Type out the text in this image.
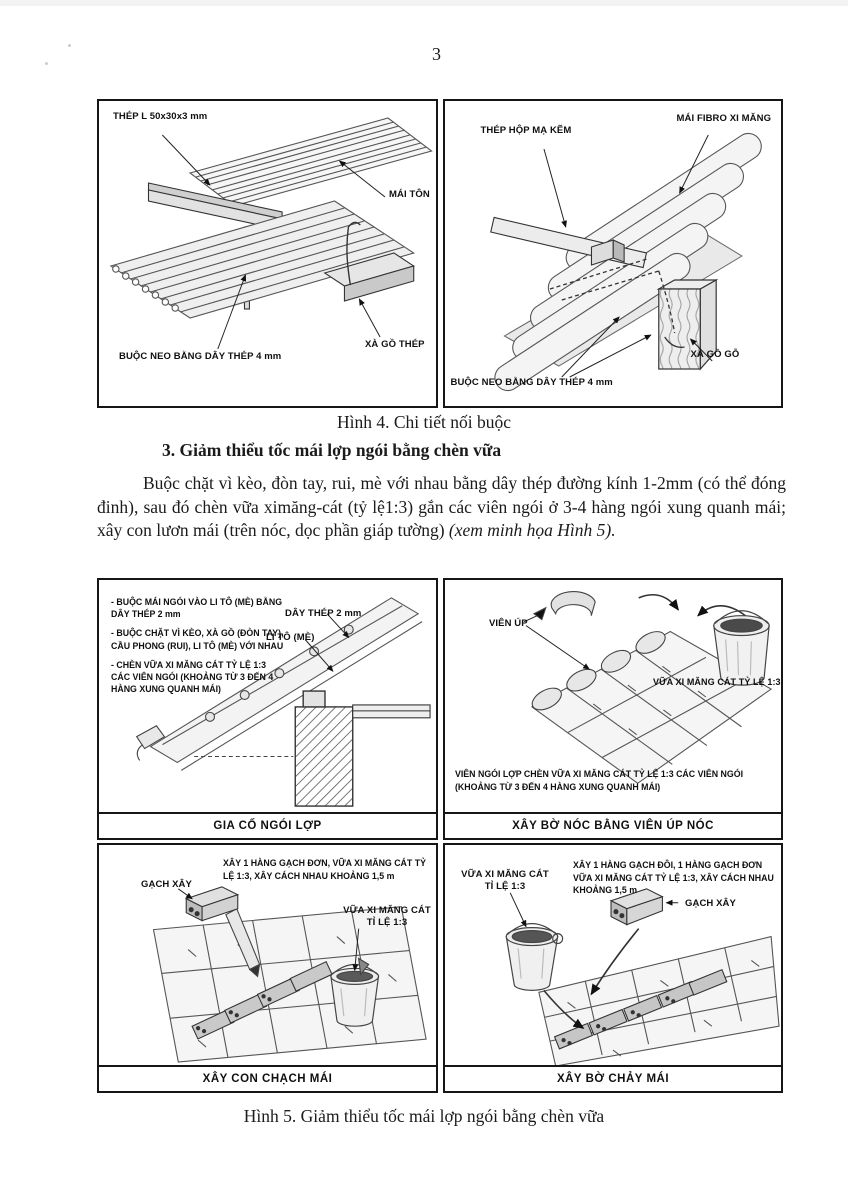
3
THÉP L 50x30x3 mm
MÁI TÔN
XÀ GỒ THÉP
BUỘC NEO BẰNG DÂY THÉP 4 mm
THÉP HỘP MẠ KẼM
MÁI FIBRO XI MĂNG
XÀ GỒ GỖ
BUỘC NEO BẰNG DÂY THÉP 4 mm
Hình 4. Chi tiết nối buộc
3. Giảm thiểu tốc mái lợp ngói bằng chèn vữa
Buộc chặt vì kèo, đòn tay, rui, mè với nhau bằng dây thép đường kính 1-2mm (có thể đóng đinh), sau đó chèn vữa ximăng-cát (tỷ lệ1:3) gắn các viên ngói ở 3-4 hàng ngói xung quanh mái; xây con lươn mái (trên nóc, dọc phần giáp tường) (xem minh họa Hình 5).
- BUỘC MÁI NGÓI VÀO LI TÔ (MÈ) BẰNG DÂY THÉP 2 mm
- BUỘC CHẶT VÌ KÈO, XÀ GỒ (ĐÒN TAY), CẦU PHONG (RUI), LI TÔ (MÈ) VỚI NHAU
- CHÈN VỮA XI MĂNG CÁT TỶ LỆ 1:3 CÁC VIÊN NGÓI (KHOẢNG TỪ 3 ĐẾN 4 HÀNG XUNG QUANH MÁI)
DÂY THÉP 2 mm
LI TÔ (MÈ)
GIA CỐ NGÓI LỢP
VIÊN ÚP
VỮA XI MĂNG CÁT TỶ LỆ 1:3
VIÊN NGÓI LỢP CHÈN VỮA XI MĂNG CÁT TỶ LỆ 1:3 CÁC VIÊN NGÓI (KHOẢNG TỪ 3 ĐẾN 4 HÀNG XUNG QUANH MÁI)
XÂY BỜ NÓC BẰNG VIÊN ÚP NÓC
XÂY 1 HÀNG GẠCH ĐƠN, VỮA XI MĂNG CÁT TỶ LỆ 1:3, XÂY CÁCH NHAU KHOẢNG 1,5 m
GẠCH XÂY
VỮA XI MĂNG CÁT
TỈ LỆ 1:3
XÂY CON CHẠCH MÁI
VỮA XI MĂNG CÁT
TỈ LỆ 1:3
XÂY 1 HÀNG GẠCH ĐÔI, 1 HÀNG GẠCH ĐƠN VỮA XI MĂNG CÁT TỶ LỆ 1:3, XÂY CÁCH NHAU KHOẢNG 1,5 m
GẠCH XÂY
XÂY BỜ CHẢY MÁI
Hình 5. Giảm thiểu tốc mái lợp ngói bằng chèn vữa
